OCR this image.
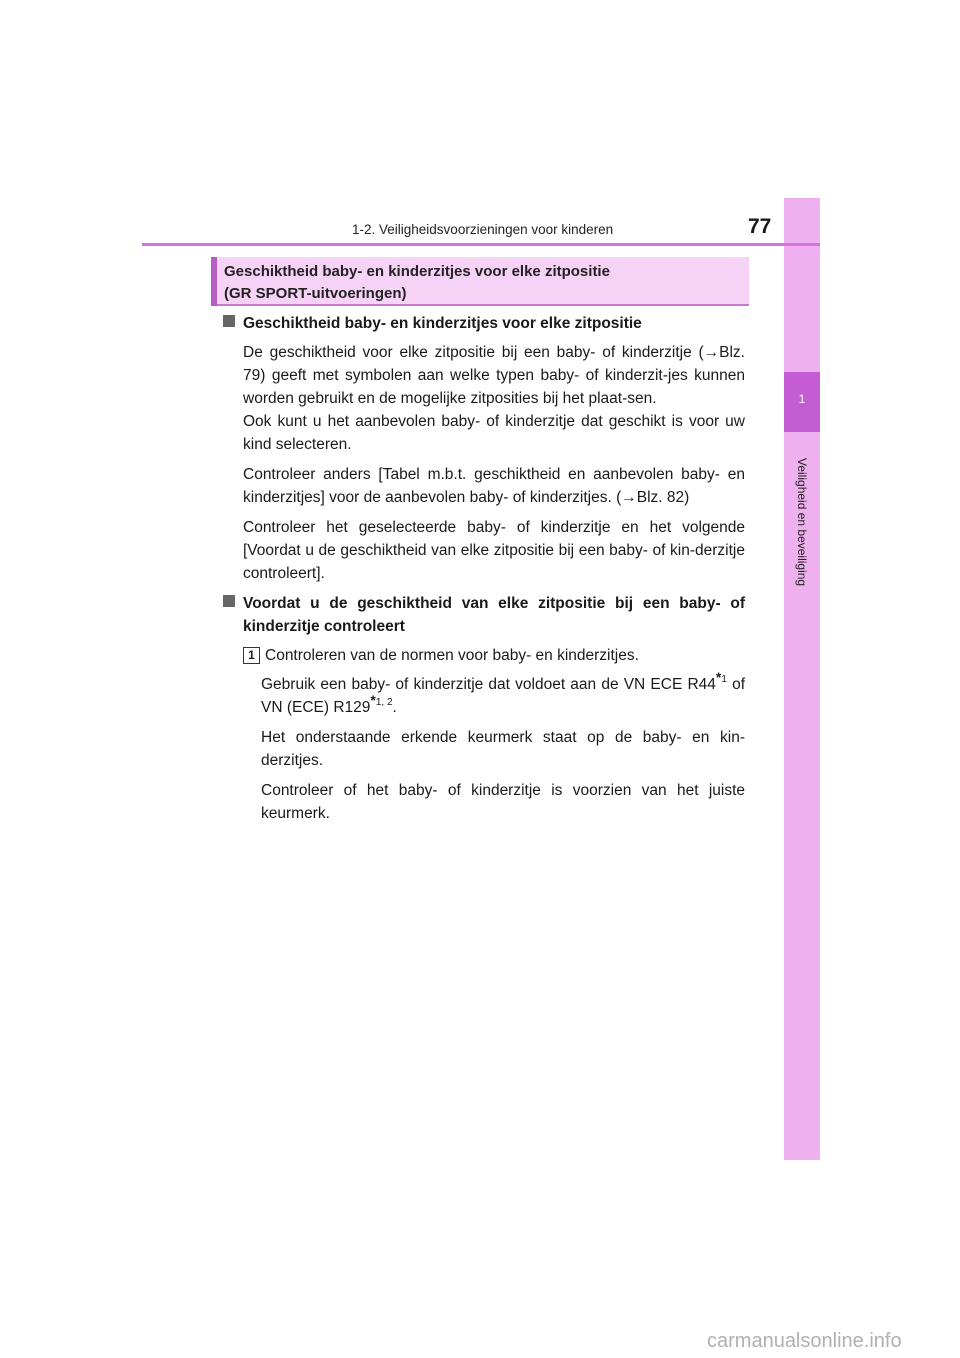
1
Veiligheid en beveiliging
1-2. Veiligheidsvoorzieningen voor kinderen	77
Geschiktheid baby- en kinderzitjes voor elke zitpositie
(GR SPORT-uitvoeringen)
Geschiktheid baby- en kinderzitjes voor elke zitpositie
De geschiktheid voor elke zitpositie bij een baby- of kinderzitje (→Blz. 79) geeft met symbolen aan welke typen baby- of kinderzit-jes kunnen worden gebruikt en de mogelijke zitposities bij het plaat-sen.
Ook kunt u het aanbevolen baby- of kinderzitje dat geschikt is voor uw kind selecteren.
Controleer anders [Tabel m.b.t. geschiktheid en aanbevolen baby- en kinderzitjes] voor de aanbevolen baby- of kinderzitjes. (→Blz. 82)
Controleer het geselecteerde baby- of kinderzitje en het volgende [Voordat u de geschiktheid van elke zitpositie bij een baby- of kin-derzitje controleert].
Voordat u de geschiktheid van elke zitpositie bij een baby- of kinderzitje controleert
1 Controleren van de normen voor baby- en kinderzitjes.
Gebruik een baby- of kinderzitje dat voldoet aan de VN ECE R44$^{*1}$ of VN (ECE) R129$^{*1, 2}$.
Het onderstaande erkende keurmerk staat op de baby- en kin-derzitjes.
Controleer of het baby- of kinderzitje is voorzien van het juiste keurmerk.
carmanualsonline.info
